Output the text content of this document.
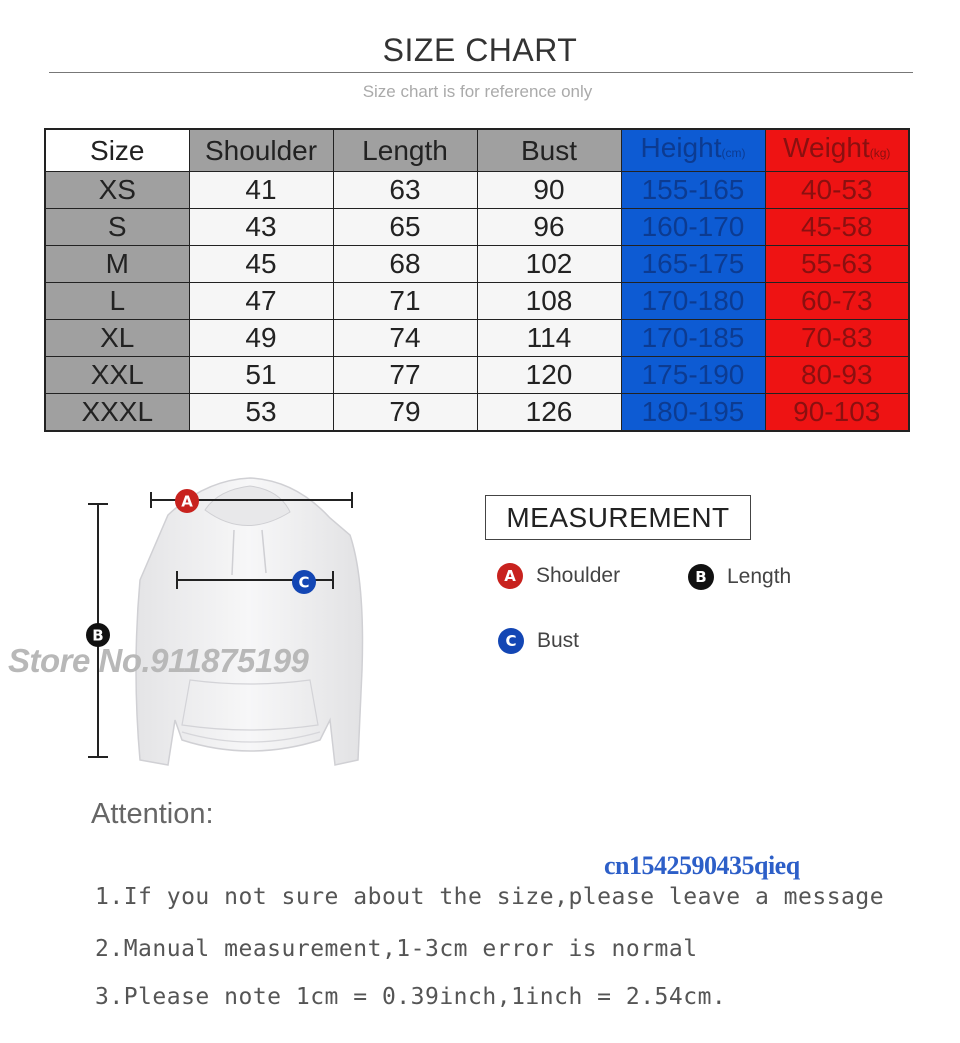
SIZE CHART
Size chart is for reference only
Size	Shoulder	Length	Bust	Height(cm)	Weight(kg)
XS	41	63	90	155-165	40-53
S	43	65	96	160-170	45-58
M	45	68	102	165-175	55-63
L	47	71	108	170-180	60-73
XL	49	74	114	170-185	70-83
XXL	51	77	120	175-190	80-93
XXXL	53	79	126	180-195	90-103
A
C
B
Store No.911875199
MEASUREMENT
A Shoulder	B Length
C Bust
Attention:
cn1542590435qieq
1.If you not sure about the size,please leave a message
2.Manual measurement,1-3cm error is normal
3.Please note 1cm = 0.39inch,1inch = 2.54cm.
